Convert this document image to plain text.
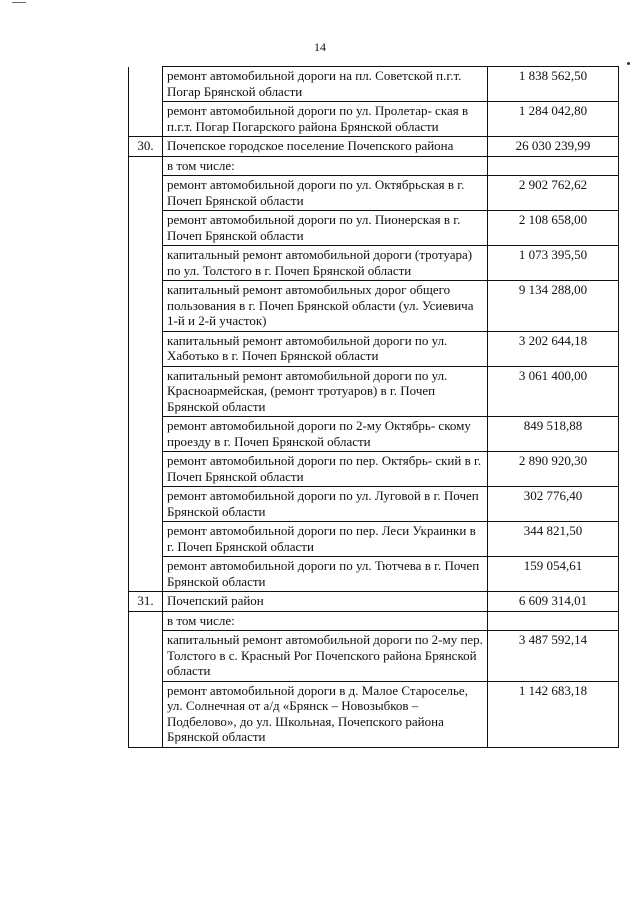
14
	ремонт автомобильной дороги на пл. Советской п.г.т. Погар Брянской области	1 838 562,50
	ремонт автомобильной дороги по ул. Пролетар- ская в п.г.т. Погар Погарского района Брянской области	1 284 042,80
30.	Почепское городское поселение Почепского района	26 030 239,99
	в том числе:	
	ремонт автомобильной дороги по ул. Октябрьская в г. Почеп Брянской области	2 902 762,62
	ремонт автомобильной дороги по ул. Пионерская в г. Почеп Брянской области	2 108 658,00
	капитальный ремонт автомобильной дороги (тротуара) по ул. Толстого в г. Почеп Брянской области	1 073 395,50
	капитальный ремонт автомобильных дорог общего пользования в г. Почеп Брянской области (ул. Усиевича 1-й и 2-й участок)	9 134 288,00
	капитальный ремонт автомобильной дороги по ул. Хаботько в г. Почеп Брянской области	3 202 644,18
	капитальный ремонт автомобильной дороги по ул. Красноармейская, (ремонт тротуаров) в г. Почеп Брянской области	3 061 400,00
	ремонт автомобильной дороги по 2-му Октябрь- скому проезду в г. Почеп Брянской области	849 518,88
	ремонт автомобильной дороги по пер. Октябрь- ский в г. Почеп Брянской области	2 890 920,30
	ремонт автомобильной дороги по ул. Луговой в г. Почеп Брянской области	302 776,40
	ремонт автомобильной дороги по пер. Леси Украинки в г. Почеп Брянской области	344 821,50
	ремонт автомобильной дороги по ул. Тютчева в г. Почеп Брянской области	159 054,61
31.	Почепский район	6 609 314,01
	в том числе:	
	капитальный ремонт автомобильной дороги по 2-му пер. Толстого в с. Красный Рог Почепского района Брянской области	3 487 592,14
	ремонт автомобильной дороги в д. Малое Староселье, ул. Солнечная от а/д «Брянск – Новозыбков – Подбелово», до ул. Школьная, Почепского района Брянской области	1 142 683,18
